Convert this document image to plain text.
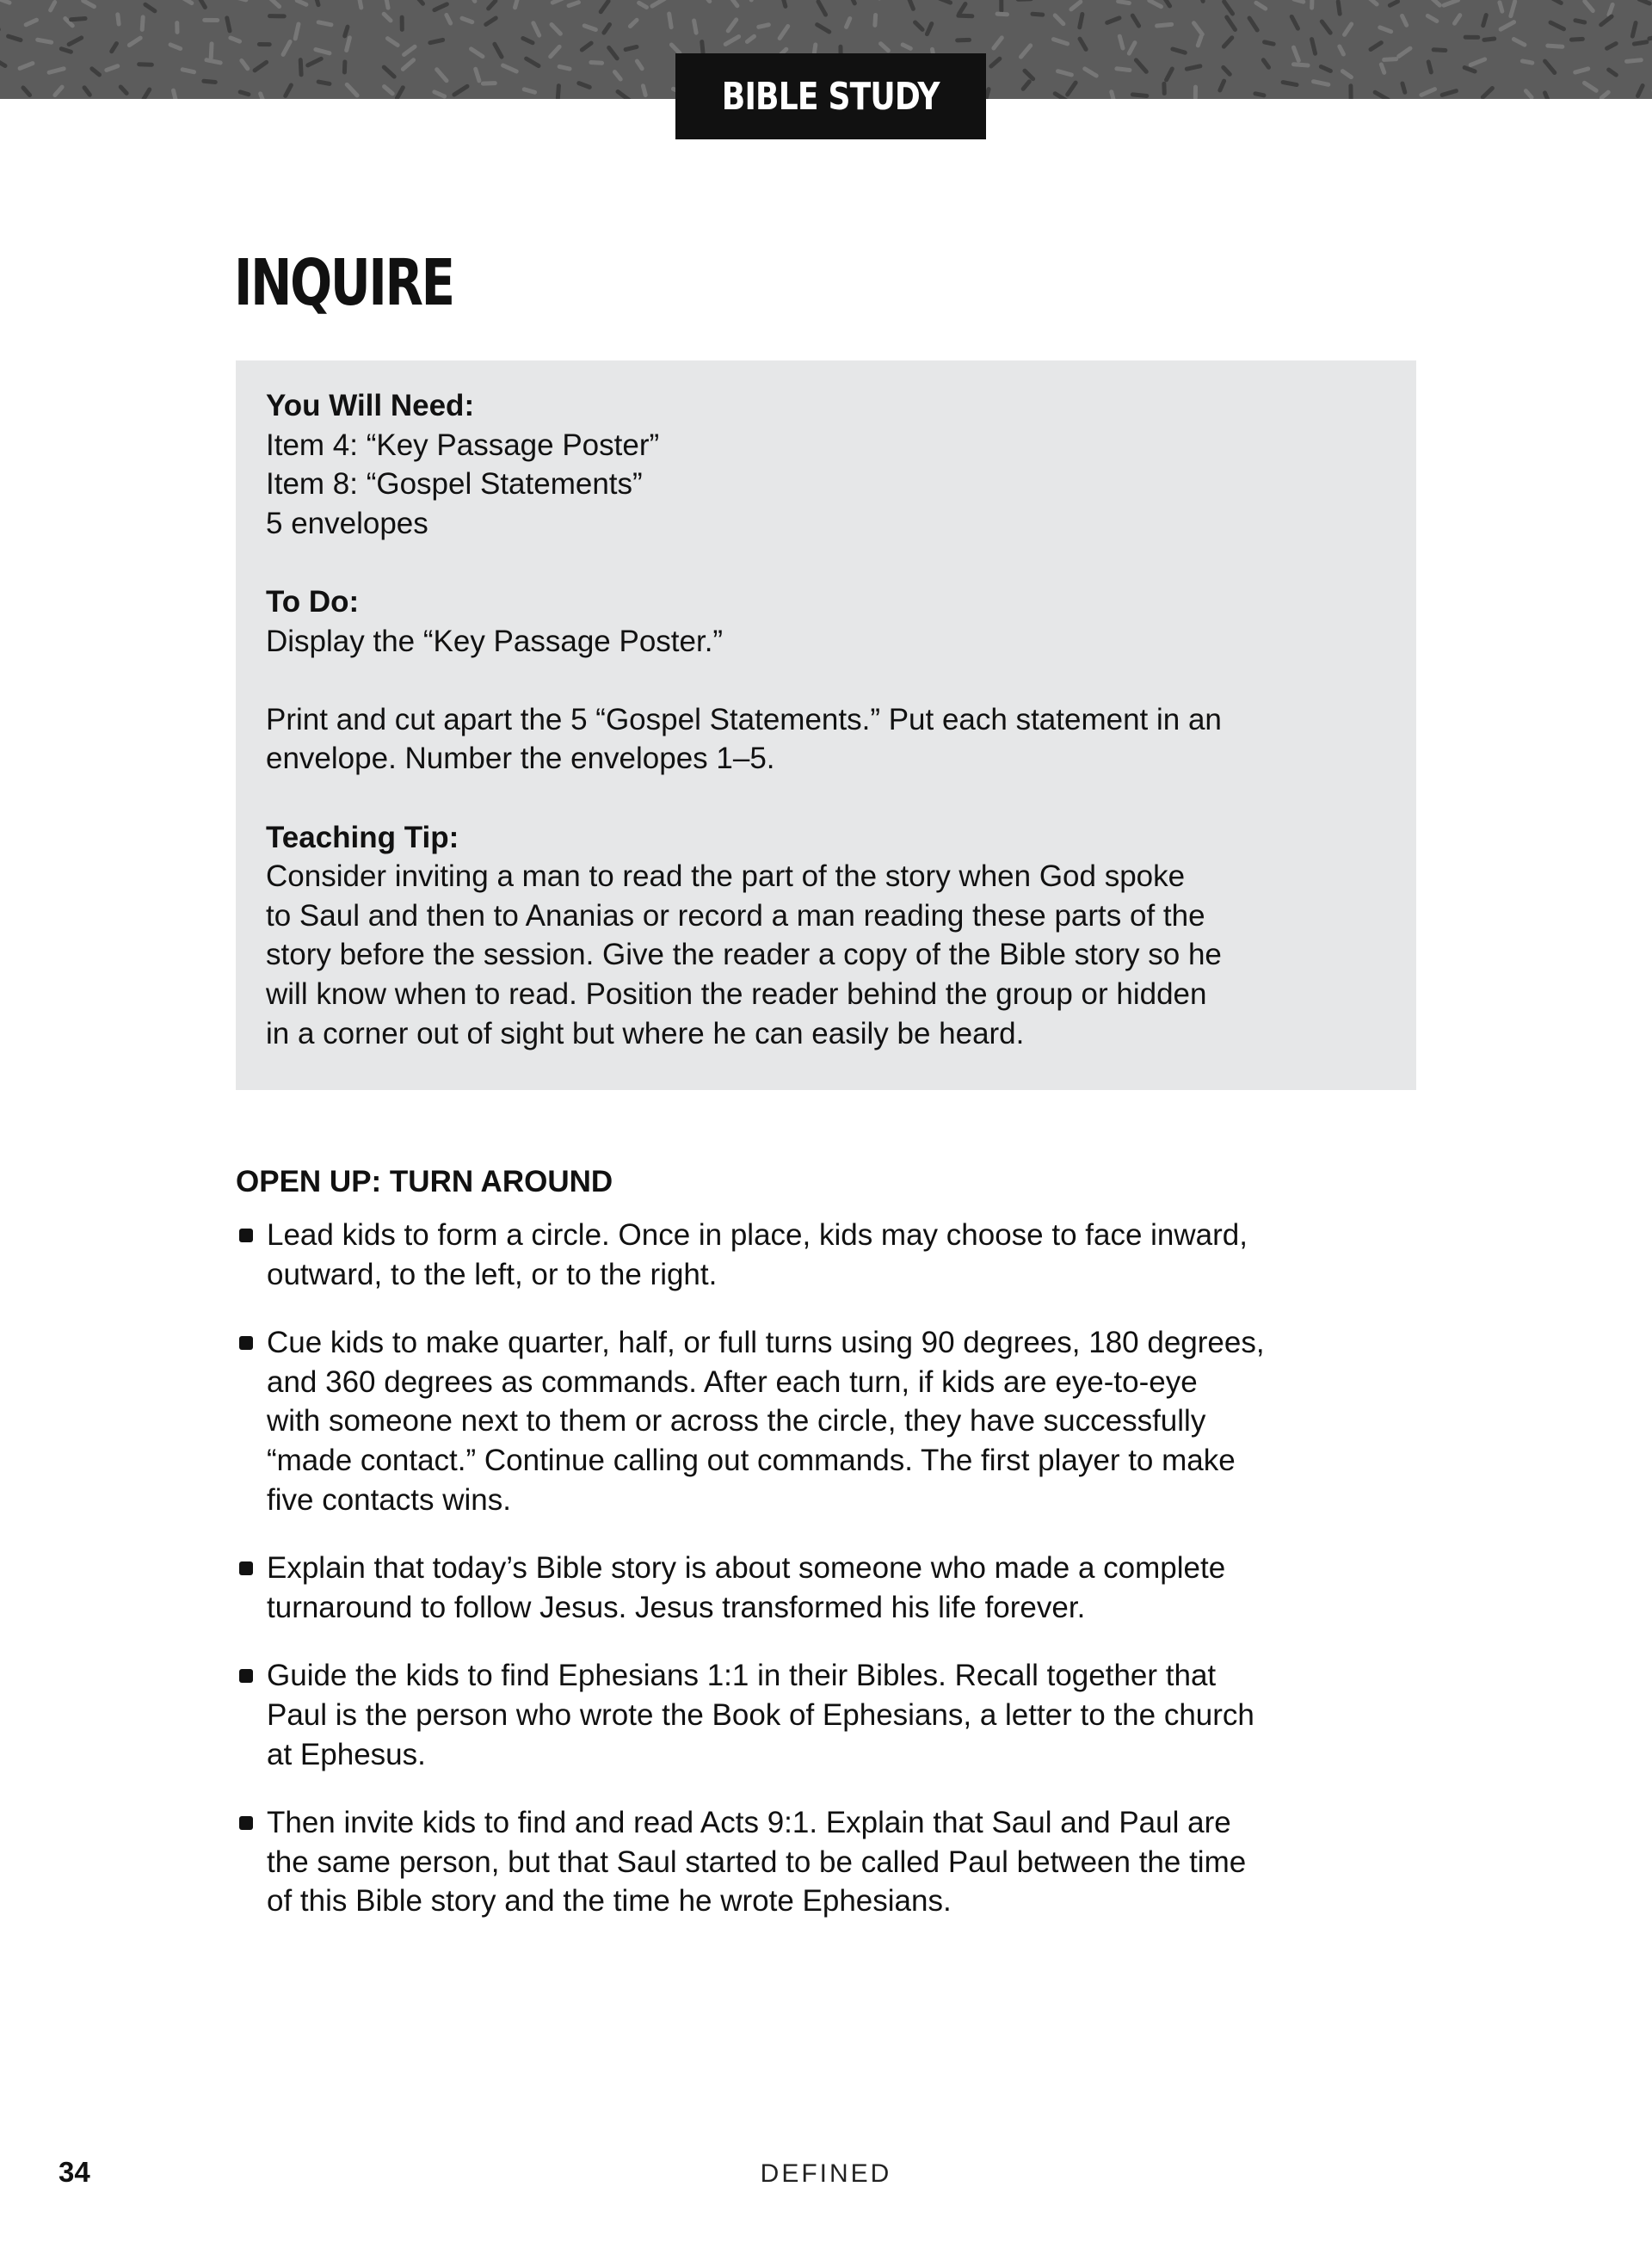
BIBLE STUDY
INQUIRE

You Will Need:

Item 4: “Key Passage Poster”

Item 8: “Gospel Statements”

5 envelopes

To Do:

Display the “Key Passage Poster.”

Print and cut apart the 5 “Gospel Statements.” Put each statement in an

envelope. Number the envelopes 1–5.

Teaching Tip:

Consider inviting a man to read the part of the story when God spoke

to Saul and then to Ananias or record a man reading these parts of the

story before the session. Give the reader a copy of the Bible story so he

will know when to read. Position the reader behind the group or hidden

in a corner out of sight but where he can easily be heard.

OPEN UP: TURN AROUND
Lead kids to form a circle. Once in place, kids may choose to face inward,
outward, to the left, or to the right.
Cue kids to make quarter, half, or full turns using 90 degrees, 180 degrees,
and 360 degrees as commands. After each turn, if kids are eye-to-eye
with someone next to them or across the circle, they have successfully
“made contact.” Continue calling out commands. The first player to make
five contacts wins.
Explain that today’s Bible story is about someone who made a complete
turnaround to follow Jesus. Jesus transformed his life forever.
Guide the kids to find Ephesians 1:1 in their Bibles. Recall together that
Paul is the person who wrote the Book of Ephesians, a letter to the church
at Ephesus.
Then invite kids to find and read Acts 9:1. Explain that Saul and Paul are
the same person, but that Saul started to be called Paul between the time
of this Bible story and the time he wrote Ephesians.
34	DEFINED
